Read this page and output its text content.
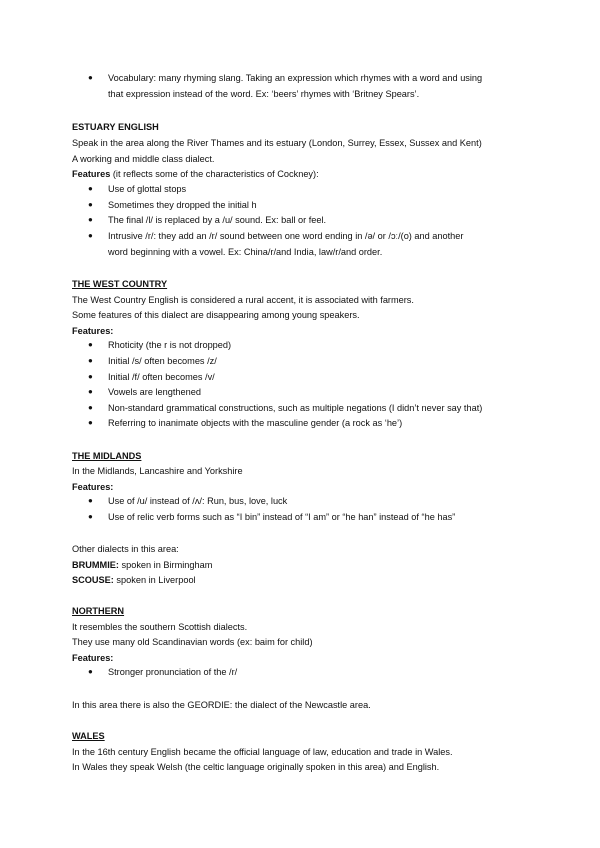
● Vocabulary: many rhyming slang. Taking an expression which rhymes with a word and using
that expression instead of the word. Ex: ‘beers’ rhymes with ‘Britney Spears’.
ESTUARY ENGLISH
Speak in the area along the River Thames and its estuary (London, Surrey, Essex, Sussex and Kent)
A working and middle class dialect.
Features (it reflects some of the characteristics of Cockney):
● Use of glottal stops
● Sometimes they dropped the initial h
● The final /l/ is replaced by a /u/ sound. Ex: ball or feel.
● Intrusive /r/: they add an /r/ sound between one word ending in /ə/ or /ɔː/(o) and another
word beginning with a vowel. Ex: China/r/and India, law/r/and order.
THE WEST COUNTRY
The West Country English is considered a rural accent, it is associated with farmers.
Some features of this dialect are disappearing among young speakers.
Features:
● Rhoticity (the r is not dropped)
● Initial /s/ often becomes /z/
● Initial /f/ often becomes /v/
● Vowels are lengthened
● Non-standard grammatical constructions, such as multiple negations (I didn’t never say that)
● Referring to inanimate objects with the masculine gender (a rock as ‘he’)
THE MIDLANDS
In the Midlands, Lancashire and Yorkshire
Features:
● Use of /u/ instead of /ʌ/: Run, bus, love, luck
● Use of relic verb forms such as “I bin” instead of “I am” or “he han” instead of “he has”
Other dialects in this area:
BRUMMIE: spoken in Birmingham
SCOUSE: spoken in Liverpool
NORTHERN
It resembles the southern Scottish dialects.
They use many old Scandinavian words (ex: baim for child)
Features:
● Stronger pronunciation of the /r/
In this area there is also the GEORDIE: the dialect of the Newcastle area.
WALES
In the 16th century English became the official language of law, education and trade in Wales.
In Wales they speak Welsh (the celtic language originally spoken in this area) and English.
